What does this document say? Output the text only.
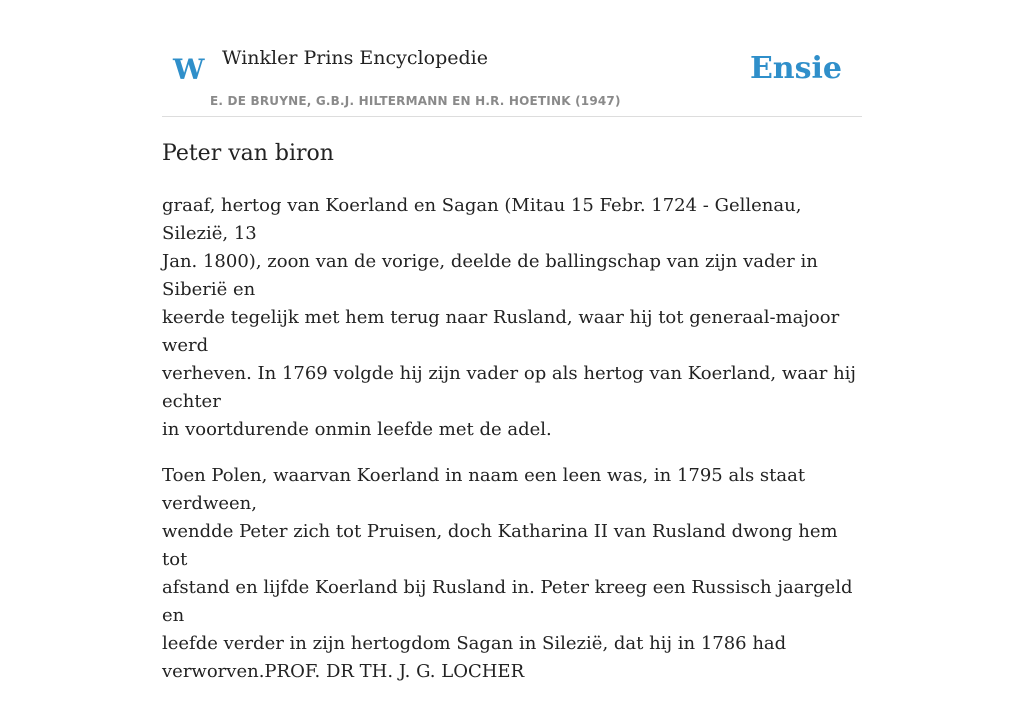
W Winkler Prins Encyclopedie
E. DE BRUYNE, G.B.J. HILTERMANN EN H.R. HOETINK (1947)
Ensie
Peter van biron

graaf, hertog van Koerland en Sagan (Mitau 15 Febr. 1724 - Gellenau, Silezië, 13
Jan. 1800), zoon van de vorige, deelde de ballingschap van zijn vader in Siberië en
keerde tegelijk met hem terug naar Rusland, waar hij tot generaal-majoor werd
verheven. In 1769 volgde hij zijn vader op als hertog van Koerland, waar hij echter
in voortdurende onmin leefde met de adel.

Toen Polen, waarvan Koerland in naam een leen was, in 1795 als staat verdween,
wendde Peter zich tot Pruisen, doch Katharina II van Rusland dwong hem tot
afstand en lijfde Koerland bij Rusland in. Peter kreeg een Russisch jaargeld en
leefde verder in zijn hertogdom Sagan in Silezië, dat hij in 1786 had
verworven.PROF. DR TH. J. G. LOCHER
